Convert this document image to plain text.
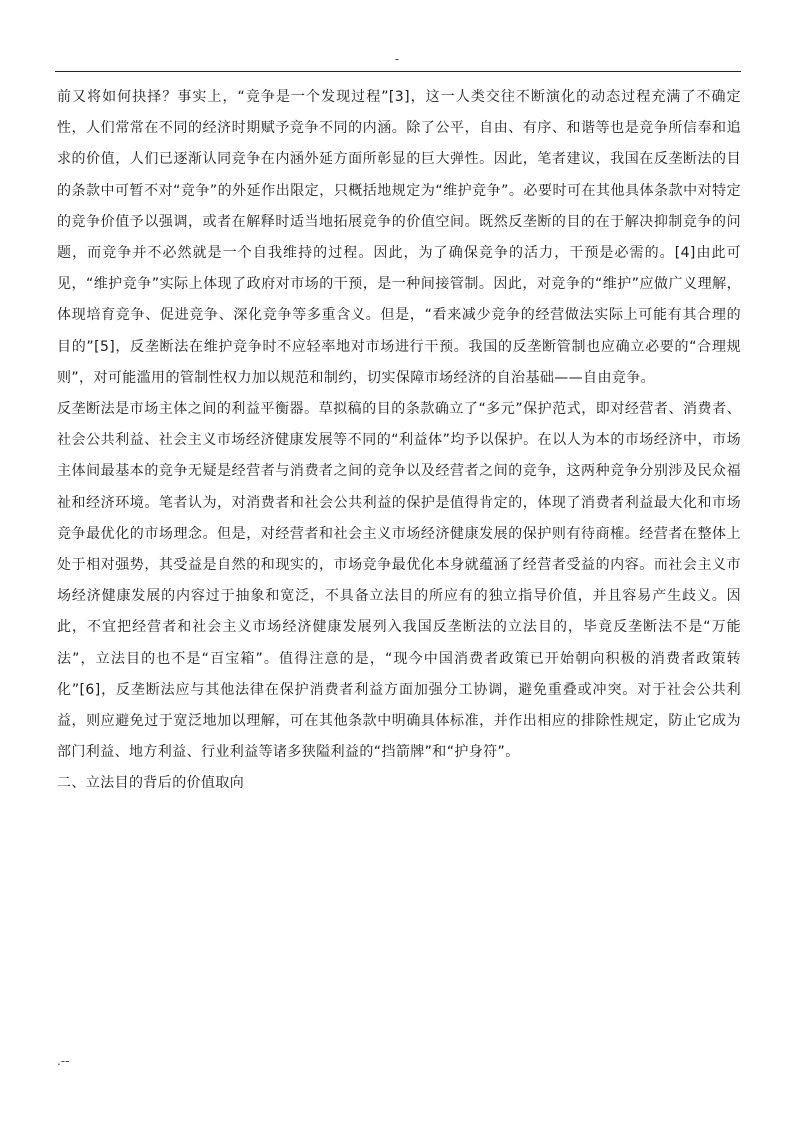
-

前又将如何抉择？事实上，“竞争是一个发现过程”[3]，这一人类交往不断演化的动态过程充满了不确定性，人们常常在不同的经济时期赋予竞争不同的内涵。除了公平，自由、有序、和谐等也是竞争所信奉和追求的价值，人们已逐渐认同竞争在内涵外延方面所彰显的巨大弹性。因此，笔者建议，我国在反垄断法的目的条款中可暂不对“竞争”的外延作出限定，只概括地规定为“维护竞争”。必要时可在其他具体条款中对特定的竞争价值予以强调，或者在解释时适当地拓展竞争的价值空间。既然反垄断的目的在于解决抑制竞争的问题，而竞争并不必然就是一个自我维持的过程。因此，为了确保竞争的活力，干预是必需的。[4]由此可见，“维护竞争”实际上体现了政府对市场的干预，是一种间接管制。因此，对竞争的“维护”应做广义理解，体现培育竞争、促进竞争、深化竞争等多重含义。但是，“看来减少竞争的经营做法实际上可能有其合理的目的”[5]，反垄断法在维护竞争时不应轻率地对市场进行干预。我国的反垄断管制也应确立必要的“合理规则”，对可能滥用的管制性权力加以规范和制约，切实保障市场经济的自治基础——自由竞争。

反垄断法是市场主体之间的利益平衡器。草拟稿的目的条款确立了“多元”保护范式，即对经营者、消费者、社会公共利益、社会主义市场经济健康发展等不同的“利益体”均予以保护。在以人为本的市场经济中，市场主体间最基本的竞争无疑是经营者与消费者之间的竞争以及经营者之间的竞争，这两种竞争分别涉及民众福祉和经济环境。笔者认为，对消费者和社会公共利益的保护是值得肯定的，体现了消费者利益最大化和市场竞争最优化的市场理念。但是，对经营者和社会主义市场经济健康发展的保护则有待商榷。经营者在整体上处于相对强势，其受益是自然的和现实的，市场竞争最优化本身就蕴涵了经营者受益的内容。而社会主义市场经济健康发展的内容过于抽象和宽泛，不具备立法目的所应有的独立指导价值，并且容易产生歧义。因此，不宜把经营者和社会主义市场经济健康发展列入我国反垄断法的立法目的，毕竟反垄断法不是“万能法”，立法目的也不是“百宝箱”。值得注意的是，“现今中国消费者政策已开始朝向积极的消费者政策转化”[6]，反垄断法应与其他法律在保护消费者利益方面加强分工协调，避免重叠或冲突。对于社会公共利益，则应避免过于宽泛地加以理解，可在其他条款中明确具体标准，并作出相应的排除性规定，防止它成为部门利益、地方利益、行业利益等诸多狭隘利益的“挡箭牌”和“护身符”。

二、立法目的背后的价值取向

.--
